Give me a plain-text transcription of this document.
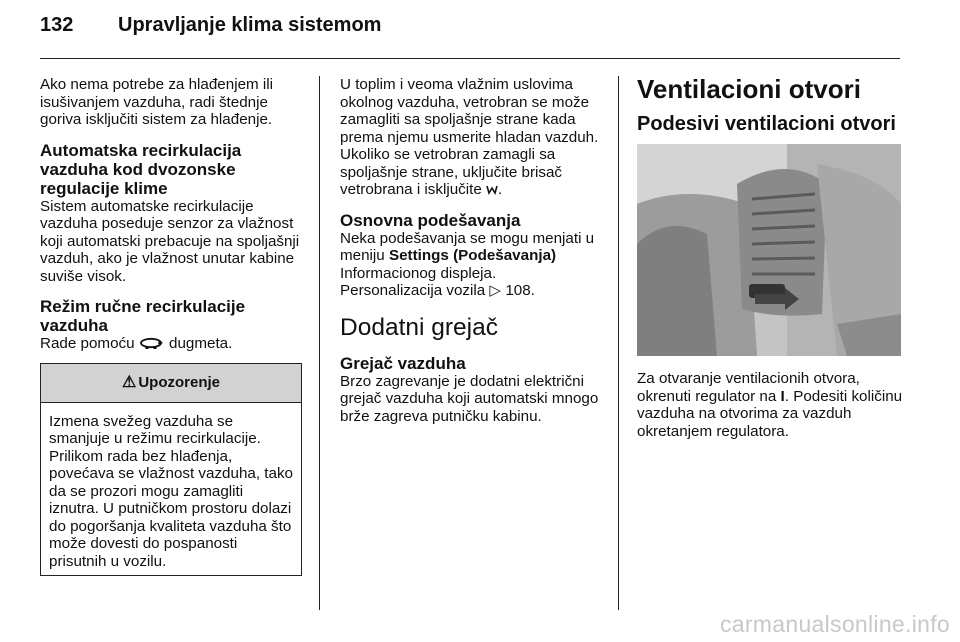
132	Upravljanje klima sistemom

Ako nema potrebe za hlađenjem ili isušivanjem vazduha, radi štednje goriva isključiti sistem za hlađenje.

Automatska recirkulacija vazduha kod dvozonske regulacije klime

Sistem automatske recirkulacije vazduha poseduje senzor za vlažnost koji automatski prebacuje na spoljašnji vazduh, ako je vlažnost unutar kabine suviše visok.

Režim ručne recirkulacije vazduha

Rade pomoću  dugmeta.

⚠ Upozorenje
Izmena svežeg vazduha se smanjuje u režimu recirkulacije. Prilikom rada bez hlađenja, povećava se vlažnost vazduha, tako da se prozori mogu zamagliti iznutra. U putničkom prostoru dolazi do pogoršanja kvaliteta vazduha što može dovesti do pospanosti prisutnih u vozilu.

U toplim i veoma vlažnim uslovima okolnog vazduha, vetrobran se može zamagliti sa spoljašnje strane kada prema njemu usmerite hladan vazduh. Ukoliko se vetrobran zamagli sa spoljašnje strane, uključite brisač vetrobrana i isključite .

Osnovna podešavanja

Neka podešavanja se mogu menjati u meniju Settings (Podešavanja) Informacionog displeja.
Personalizacija vozila ▷ 108.

Dodatni grejač
Grejač vazduha

Brzo zagrevanje je dodatni električni grejač vazduha koji automatski mnogo brže zagreva putničku kabinu.

Ventilacioni otvori
Podesivi ventilacioni otvori

Za otvaranje ventilacionih otvora, okrenuti regulator na I. Podesiti količinu vazduha na otvorima za vazduh okretanjem regulatora.

carmanualsonline.info
